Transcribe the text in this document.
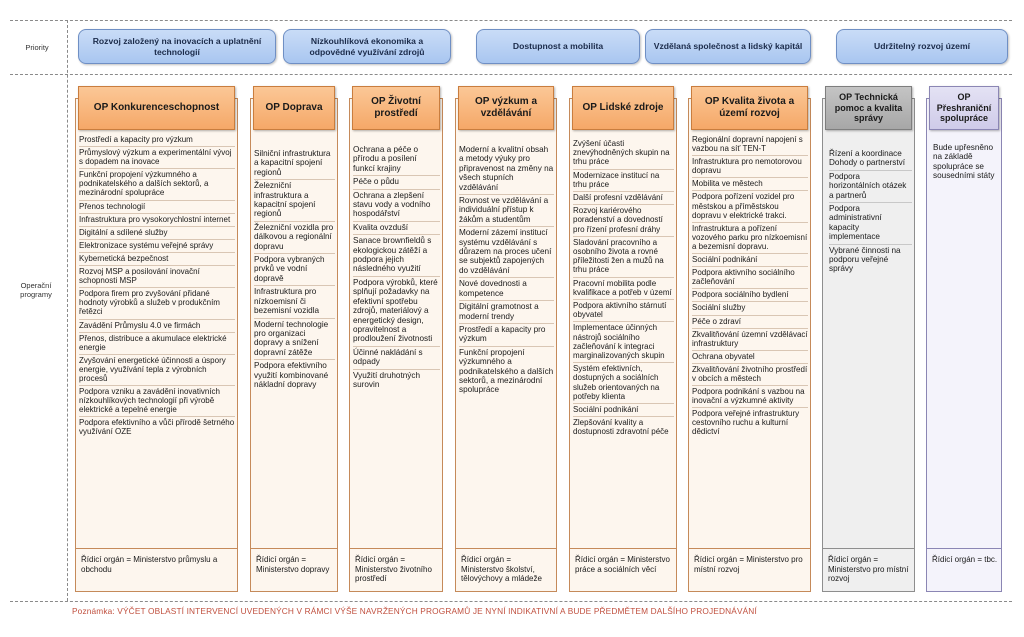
Priority
Operační programy
Rozvoj založený na inovacích a uplatnění technologií
Nízkouhlíková ekonomika a odpovědné využívání zdrojů
Dostupnost a mobilita	Vzdělaná společnost a lidský kapitál	Udržitelný rozvoj území
OP Konkurenceschopnost
Prostředí a kapacity pro výzkum
Průmyslový výzkum a experimentální vývoj s dopadem na inovace
Funkční propojení výzkumného a podnikatelského a dalších sektorů, a mezinárodní spolupráce
Přenos technologií
Infrastruktura pro vysokorychlostní internet
Digitální a sdílené služby
Elektronizace systému veřejné správy
Kybernetická bezpečnost
Rozvoj MSP a posilování inovační schopnosti MSP
Podpora firem pro zvyšování přidané hodnoty výrobků a služeb v produkčním řetězci
Zavádění Průmyslu 4.0 ve firmách
Přenos, distribuce a akumulace elektrické energie
Zvyšování energetické účinnosti a úspory energie, využívání tepla z výrobních procesů
Podpora vzniku a zavádění inovativních nízkouhlíkových technologií při výrobě elektrické a tepelné energie
Podpora efektivního a vůči přírodě šetrného využívání OZE
Řídicí orgán = Ministerstvo průmyslu a obchodu
OP Doprava
Silniční infrastruktura a kapacitní spojení regionů
Železniční infrastruktura a kapacitní spojení regionů
Železniční vozidla pro dálkovou a regionální dopravu
Podpora vybraných prvků ve vodní dopravě
Infrastruktura pro nízkoemisní či bezemisní vozidla
Moderní technologie pro organizaci dopravy a snížení dopravní zátěže
Podpora efektivního využití kombinované nákladní dopravy
Řídicí orgán = Ministerstvo dopravy
OP Životní prostředí
Ochrana a péče o přírodu a posílení funkcí krajiny
Péče o půdu
Ochrana a zlepšení stavu vody a vodního hospodářství
Kvalita ovzduší
Sanace brownfieldů s ekologickou zátěží a podpora jejich následného využití
Podpora výrobků, které splňují požadavky na efektivní spotřebu zdrojů, materiálový a energetický design, opravitelnost a prodloužení životnosti
Účinné nakládání s odpady
Využití druhotných surovin
Řídicí orgán = Ministerstvo životního prostředí
OP výzkum a vzdělávání
Moderní a kvalitní obsah a metody výuky pro připravenost na změny na všech stupních vzdělávání
Rovnost ve vzdělávání a individuální přístup k žákům a studentům
Moderní zázemí institucí systému vzdělávání s důrazem na proces učení se subjektů zapojených do vzdělávání
Nové dovednosti a kompetence
Digitální gramotnost a moderní trendy
Prostředí a kapacity pro výzkum
Funkční propojení výzkumného a podnikatelského a dalších sektorů, a mezinárodní spolupráce
Řídicí orgán = Ministerstvo školství, tělovýchovy a mládeže
OP Lidské zdroje
Zvýšení účasti znevýhodněných skupin na trhu práce
Modernizace institucí na trhu práce
Další profesní vzdělávání
Rozvoj kariérového poradenství a dovedností pro řízení profesní dráhy
Sladování pracovního a osobního života a rovné příležitosti žen a mužů na trhu práce
Pracovní mobilita podle kvalifikace a potřeb v území
Podpora aktivního stárnutí obyvatel
Implementace účinných nástrojů sociálního začleňování k integraci marginalizovaných skupin
Systém efektivních, dostupných a sociálních služeb orientovaných na potřeby klienta
Sociální podnikání
Zlepšování kvality a dostupnosti zdravotní péče
Řídicí orgán = Ministerstvo práce a sociálních věcí
OP Kvalita života a území rozvoj
Regionální dopravní napojení s vazbou na síť TEN-T
Infrastruktura pro nemotorovou dopravu
Mobilita ve městech
Podpora pořízení vozidel pro městskou a příměstskou dopravu v elektrické trakci.
Infrastruktura a pořízení vozového parku pro nízkoemisní a bezemisní dopravu.
Sociální podnikání
Podpora aktivního sociálního začleňování
Podpora sociálního bydlení
Sociální služby
Péče o zdraví
Zkvalitňování územní vzdělávací infrastruktury
Ochrana obyvatel
Zkvalitňování životního prostředí v obcích a městech
Podpora podnikání s vazbou na inovační a výzkumné aktivity
Podpora veřejné infrastruktury cestovního ruchu a kulturní dědictví
Řídicí orgán = Ministerstvo pro místní rozvoj
OP Technická pomoc a kvalita správy
Řízení a koordinace Dohody o partnerství
Podpora horizontálních otázek a partnerů
Podpora administrativní kapacity implementace
Vybrané činnosti na podporu veřejné správy
Řídicí orgán = Ministerstvo pro místní rozvoj
OP Přeshraniční spolupráce
Bude upřesněno na základě spolupráce se sousedními státy
Řídicí orgán = tbc.
Poznámka: VÝČET OBLASTÍ INTERVENCÍ UVEDENÝCH V RÁMCI VÝŠE NAVRŽENÝCH PROGRAMŮ JE NYNÍ INDIKATIVNÍ A BUDE PŘEDMĚTEM DALŠÍHO PROJEDNÁVÁNÍ
